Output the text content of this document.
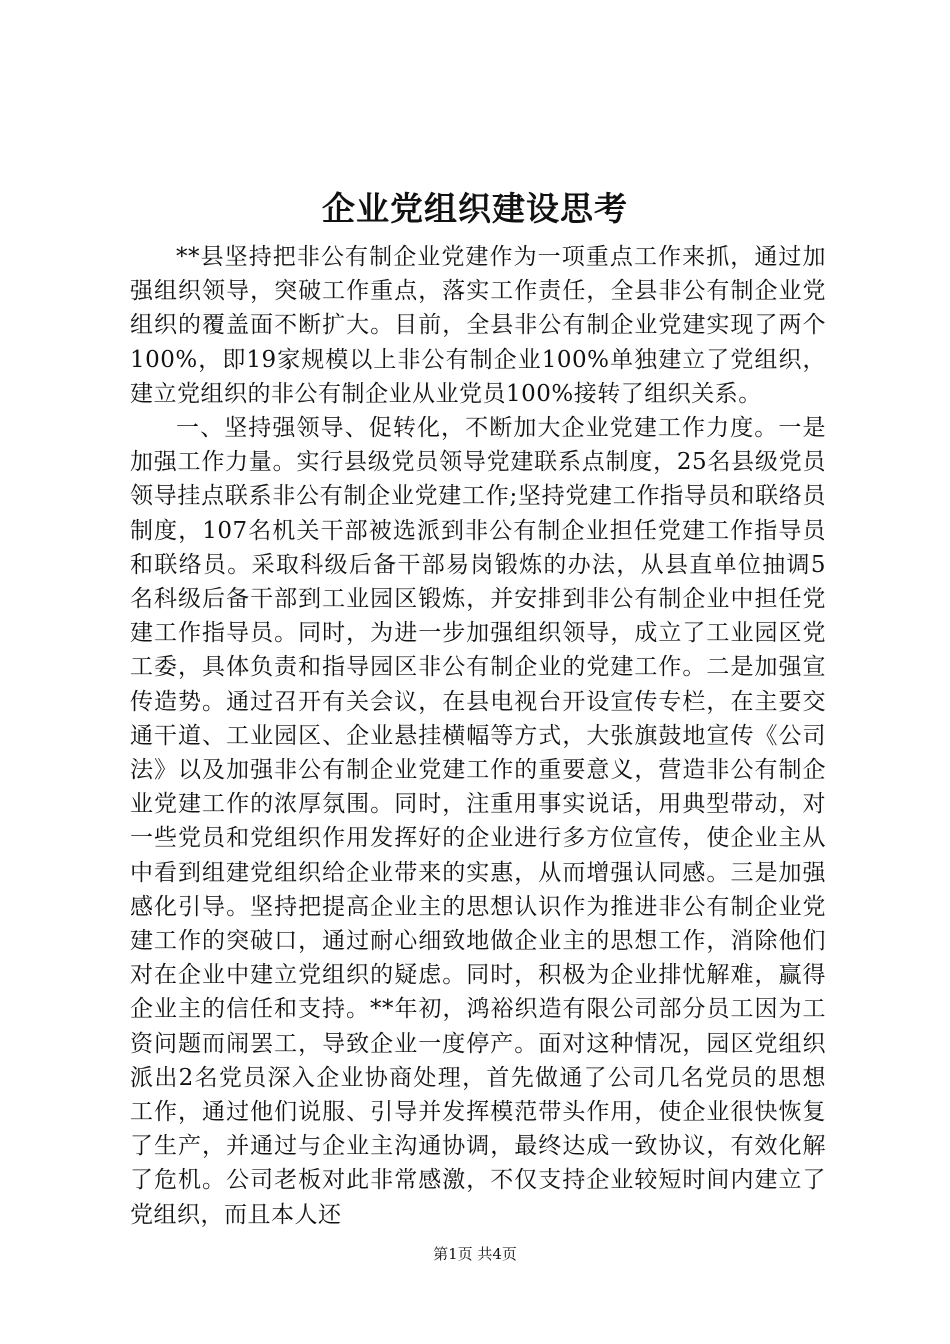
企业党组织建设思考

**县坚持把非公有制企业党建作为一项重点工作来抓，通过加强组织领导，突破工作重点，落实工作责任，全县非公有制企业党组织的覆盖面不断扩大。目前，全县非公有制企业党建实现了两个100%，即19家规模以上非公有制企业100%单独建立了党组织，建立党组织的非公有制企业从业党员100%接转了组织关系。

一、坚持强领导、促转化，不断加大企业党建工作力度。一是加强工作力量。实行县级党员领导党建联系点制度，25名县级党员领导挂点联系非公有制企业党建工作;坚持党建工作指导员和联络员制度，107名机关干部被选派到非公有制企业担任党建工作指导员和联络员。采取科级后备干部易岗锻炼的办法，从县直单位抽调5名科级后备干部到工业园区锻炼，并安排到非公有制企业中担任党建工作指导员。同时，为进一步加强组织领导，成立了工业园区党工委，具体负责和指导园区非公有制企业的党建工作。二是加强宣传造势。通过召开有关会议，在县电视台开设宣传专栏，在主要交通干道、工业园区、企业悬挂横幅等方式，大张旗鼓地宣传《公司法》以及加强非公有制企业党建工作的重要意义，营造非公有制企业党建工作的浓厚氛围。同时，注重用事实说话，用典型带动，对一些党员和党组织作用发挥好的企业进行多方位宣传，使企业主从中看到组建党组织给企业带来的实惠，从而增强认同感。三是加强感化引导。坚持把提高企业主的思想认识作为推进非公有制企业党建工作的突破口，通过耐心细致地做企业主的思想工作，消除他们对在企业中建立党组织的疑虑。同时，积极为企业排忧解难，赢得企业主的信任和支持。**年初，鸿裕织造有限公司部分员工因为工资问题而闹罢工，导致企业一度停产。面对这种情况，园区党组织派出2名党员深入企业协商处理，首先做通了公司几名党员的思想工作，通过他们说服、引导并发挥模范带头作用，使企业很快恢复了生产，并通过与企业主沟通协调，最终达成一致协议，有效化解了危机。公司老板对此非常感激，不仅支持企业较短时间内建立了党组织，而且本人还

第1页 共4页
